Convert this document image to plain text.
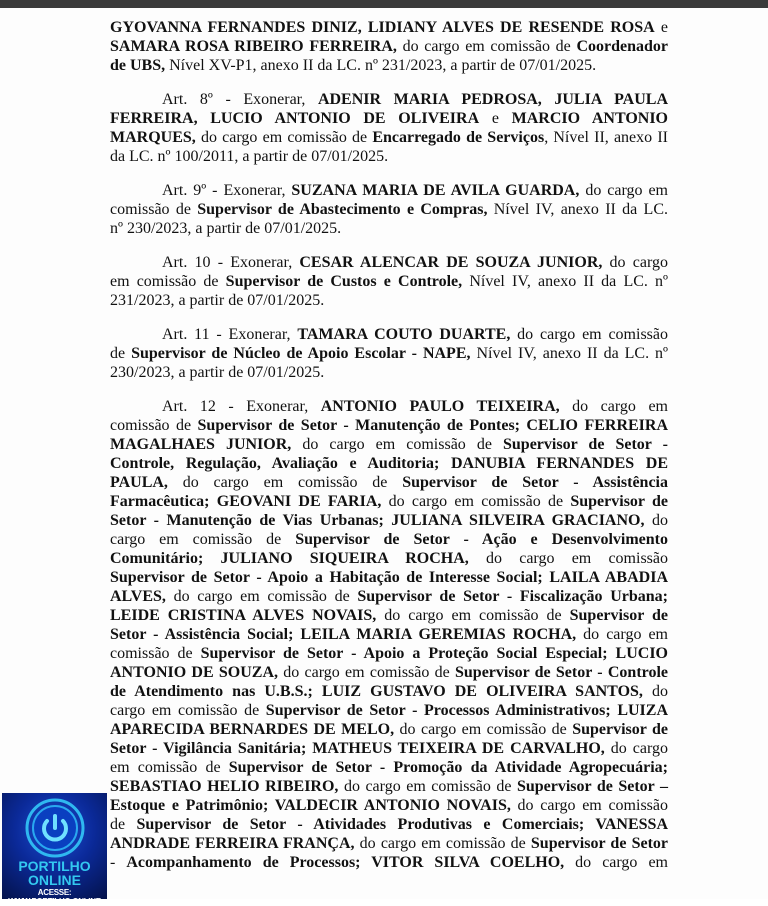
GYOVANNA FERNANDES DINIZ, LIDIANY ALVES DE RESENDE ROSA e
SAMARA ROSA RIBEIRO FERREIRA, do cargo em comissão de Coordenador
de UBS, Nível XV-P1, anexo II da LC. nº 231/2023, a partir de 07/01/2025.
Art. 8º - Exonerar, ADENIR MARIA PEDROSA, JULIA PAULA
FERREIRA, LUCIO ANTONIO DE OLIVEIRA e MARCIO ANTONIO
MARQUES, do cargo em comissão de Encarregado de Serviços, Nível II, anexo II
da LC. nº 100/2011, a partir de 07/01/2025.
Art. 9º - Exonerar, SUZANA MARIA DE AVILA GUARDA, do cargo em
comissão de Supervisor de Abastecimento e Compras, Nível IV, anexo II da LC.
nº 230/2023, a partir de 07/01/2025.
Art. 10 - Exonerar, CESAR ALENCAR DE SOUZA JUNIOR, do cargo
em comissão de Supervisor de Custos e Controle, Nível IV, anexo II da LC. nº
231/2023, a partir de 07/01/2025.
Art. 11 - Exonerar, TAMARA COUTO DUARTE, do cargo em comissão
de Supervisor de Núcleo de Apoio Escolar - NAPE, Nível IV, anexo II da LC. nº
230/2023, a partir de 07/01/2025.
Art. 12 - Exonerar, ANTONIO PAULO TEIXEIRA, do cargo em
comissão de Supervisor de Setor - Manutenção de Pontes; CELIO FERREIRA
MAGALHAES JUNIOR, do cargo em comissão de Supervisor de Setor -
Controle, Regulação, Avaliação e Auditoria; DANUBIA FERNANDES DE
PAULA, do cargo em comissão de Supervisor de Setor - Assistência
Farmacêutica; GEOVANI DE FARIA, do cargo em comissão de Supervisor de
Setor - Manutenção de Vias Urbanas; JULIANA SILVEIRA GRACIANO, do
cargo em comissão de Supervisor de Setor - Ação e Desenvolvimento
Comunitário; JULIANO SIQUEIRA ROCHA, do cargo em comissão
Supervisor de Setor - Apoio a Habitação de Interesse Social; LAILA ABADIA
ALVES, do cargo em comissão de Supervisor de Setor - Fiscalização Urbana;
LEIDE CRISTINA ALVES NOVAIS, do cargo em comissão de Supervisor de
Setor - Assistência Social; LEILA MARIA GEREMIAS ROCHA, do cargo em
comissão de Supervisor de Setor - Apoio a Proteção Social Especial; LUCIO
ANTONIO DE SOUZA, do cargo em comissão de Supervisor de Setor - Controle
de Atendimento nas U.B.S.; LUIZ GUSTAVO DE OLIVEIRA SANTOS, do
cargo em comissão de Supervisor de Setor - Processos Administrativos; LUIZA
APARECIDA BERNARDES DE MELO, do cargo em comissão de Supervisor de
Setor - Vigilância Sanitária; MATHEUS TEIXEIRA DE CARVALHO, do cargo
em comissão de Supervisor de Setor - Promoção da Atividade Agropecuária;
SEBASTIAO HELIO RIBEIRO, do cargo em comissão de Supervisor de Setor –
Estoque e Patrimônio; VALDECIR ANTONIO NOVAIS, do cargo em comissão
de Supervisor de Setor - Atividades Produtivas e Comerciais; VANESSA
ANDRADE FERREIRA FRANÇA, do cargo em comissão de Supervisor de Setor
- Acompanhamento de Processos; VITOR SILVA COELHO, do cargo em
PORTILHO
ONLINE
ACESSE: WWW.PORTILHO.ONLINE
